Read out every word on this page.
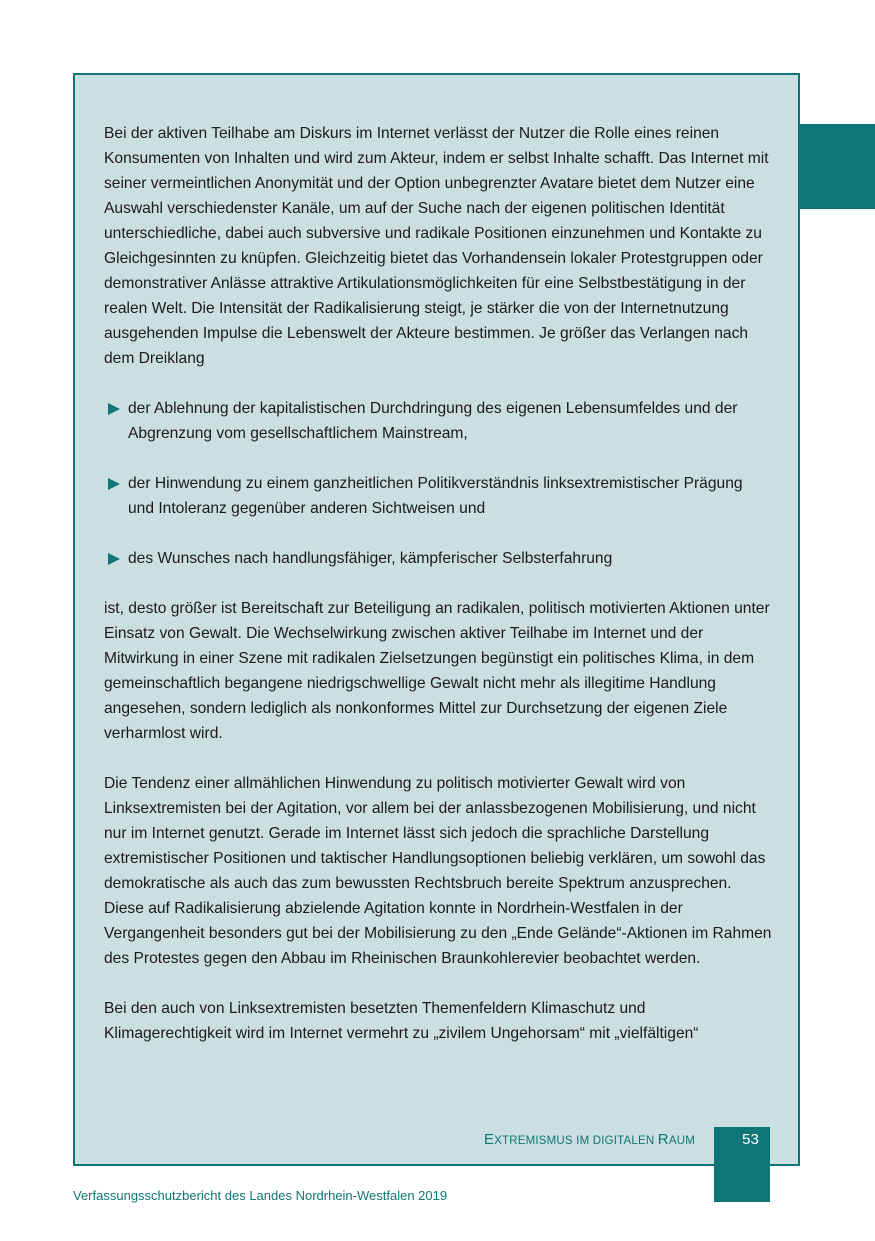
Bei der aktiven Teilhabe am Diskurs im Internet verlässt der Nutzer die Rolle eines reinen Konsumenten von Inhalten und wird zum Akteur, indem er selbst Inhalte schafft. Das Internet mit seiner vermeintlichen Anonymität und der Option unbegrenzter Avatare bietet dem Nutzer eine Auswahl verschiedenster Kanäle, um auf der Suche nach der eigenen politischen Identität unterschiedliche, dabei auch subversive und radikale Positionen einzunehmen und Kontakte zu Gleichgesinnten zu knüpfen. Gleichzeitig bietet das Vorhandensein lokaler Protestgruppen oder demonstrativer Anlässe attraktive Artikulationsmöglichkeiten für eine Selbstbestätigung in der realen Welt. Die Intensität der Radikalisierung steigt, je stärker die von der Internetnutzung ausgehenden Impulse die Lebenswelt der Akteure bestimmen. Je größer das Verlangen nach dem Dreiklang

der Ablehnung der kapitalistischen Durchdringung des eigenen Lebensumfeldes und der Abgrenzung vom gesellschaftlichem Mainstream,
der Hinwendung zu einem ganzheitlichen Politikverständnis linksextremistischer Prägung und Intoleranz gegenüber anderen Sichtweisen und
des Wunsches nach handlungsfähiger, kämpferischer Selbsterfahrung

ist, desto größer ist Bereitschaft zur Beteiligung an radikalen, politisch motivierten Aktionen unter Einsatz von Gewalt. Die Wechselwirkung zwischen aktiver Teilhabe im Internet und der Mitwirkung in einer Szene mit radikalen Zielsetzungen begünstigt ein politisches Klima, in dem gemeinschaftlich begangene niedrigschwellige Gewalt nicht mehr als illegitime Handlung angesehen, sondern lediglich als nonkonformes Mittel zur Durchsetzung der eigenen Ziele verharmlost wird.

Die Tendenz einer allmählichen Hinwendung zu politisch motivierter Gewalt wird von Linksextremisten bei der Agitation, vor allem bei der anlassbezogenen Mobilisierung, und nicht nur im Internet genutzt. Gerade im Internet lässt sich jedoch die sprachliche Darstellung extremistischer Positionen und taktischer Handlungsoptionen beliebig verklären, um sowohl das demokratische als auch das zum bewussten Rechtsbruch bereite Spektrum anzusprechen. Diese auf Radikalisierung abzielende Agitation konnte in Nordrhein-Westfalen in der Vergangenheit besonders gut bei der Mobilisierung zu den „Ende Gelände“-Aktionen im Rahmen des Protestes gegen den Abbau im Rheinischen Braunkohlerevier beobachtet werden.

Bei den auch von Linksextremisten besetzten Themenfeldern Klimaschutz und Klimagerechtigkeit wird im Internet vermehrt zu „zivilem Ungehorsam“ mit „vielfältigen“

EXTREMISMUS IM DIGITALEN RAUM	53
Verfassungsschutzbericht des Landes Nordrhein-Westfalen 2019
